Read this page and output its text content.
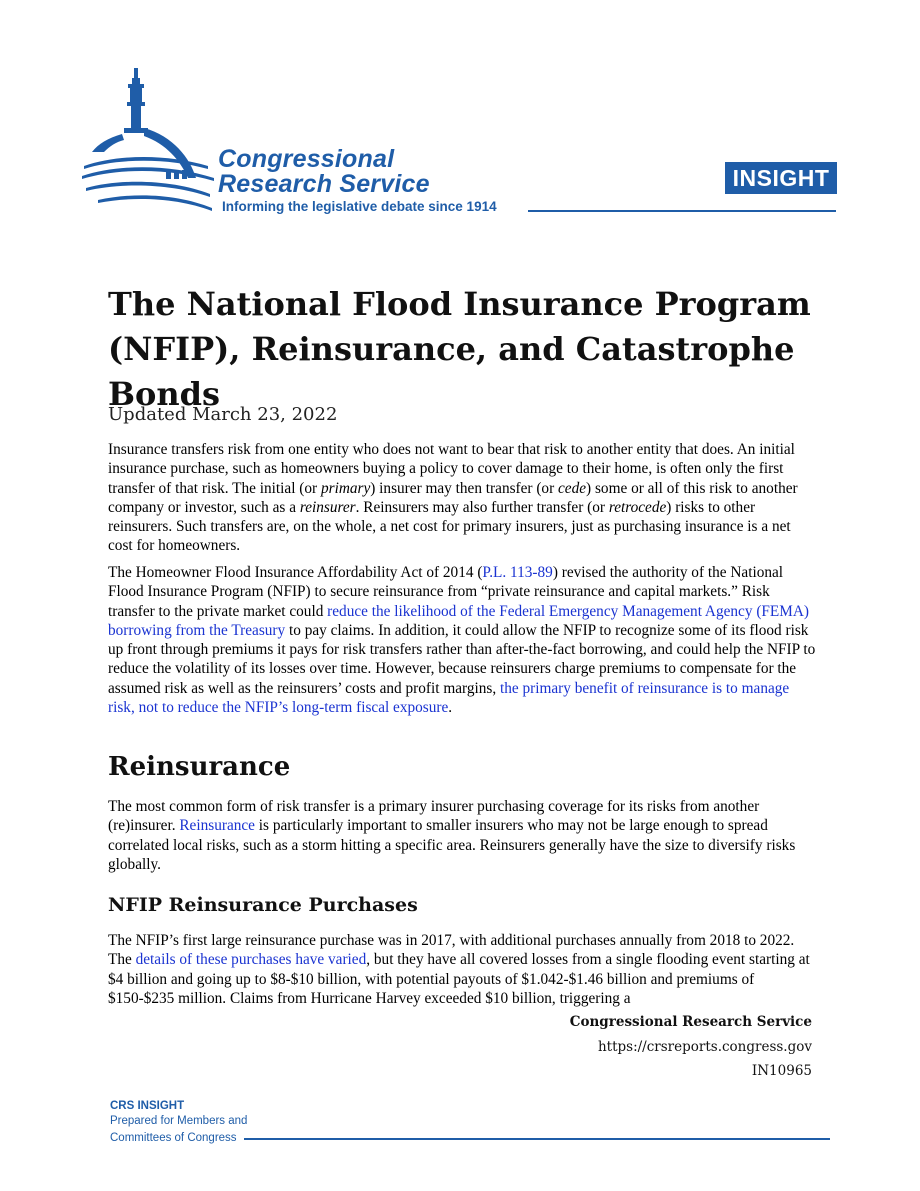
Congressional
Research Service
Informing the legislative debate since 1914
INSIGHT
The National Flood Insurance Program (NFIP), Reinsurance, and Catastrophe Bonds
Updated March 23, 2022

Insurance transfers risk from one entity who does not want to bear that risk to another entity that does. An initial insurance purchase, such as homeowners buying a policy to cover damage to their home, is often only the first transfer of that risk. The initial (or primary) insurer may then transfer (or cede) some or all of this risk to another company or investor, such as a reinsurer. Reinsurers may also further transfer (or retrocede) risks to other reinsurers. Such transfers are, on the whole, a net cost for primary insurers, just as purchasing insurance is a net cost for homeowners.

The Homeowner Flood Insurance Affordability Act of 2014 (P.L. 113-89) revised the authority of the National Flood Insurance Program (NFIP) to secure reinsurance from “private reinsurance and capital markets.” Risk transfer to the private market could reduce the likelihood of the Federal Emergency Management Agency (FEMA) borrowing from the Treasury to pay claims. In addition, it could allow the NFIP to recognize some of its flood risk up front through premiums it pays for risk transfers rather than after-the-fact borrowing, and could help the NFIP to reduce the volatility of its losses over time. However, because reinsurers charge premiums to compensate for the assumed risk as well as the reinsurers’ costs and profit margins, the primary benefit of reinsurance is to manage risk, not to reduce the NFIP’s long-term fiscal exposure.

Reinsurance

The most common form of risk transfer is a primary insurer purchasing coverage for its risks from another (re)insurer. Reinsurance is particularly important to smaller insurers who may not be large enough to spread correlated local risks, such as a storm hitting a specific area. Reinsurers generally have the size to diversify risks globally.

NFIP Reinsurance Purchases

The NFIP’s first large reinsurance purchase was in 2017, with additional purchases annually from 2018 to 2022. The details of these purchases have varied, but they have all covered losses from a single flooding event starting at $4 billion and going up to $8-$10 billion, with potential payouts of $1.042-$1.46 billion and premiums of $150-$235 million. Claims from Hurricane Harvey exceeded $10 billion, triggering a

Congressional Research Service
https://crsreports.congress.gov
IN10965
CRS INSIGHT
Prepared for Members and
Committees of Congress
